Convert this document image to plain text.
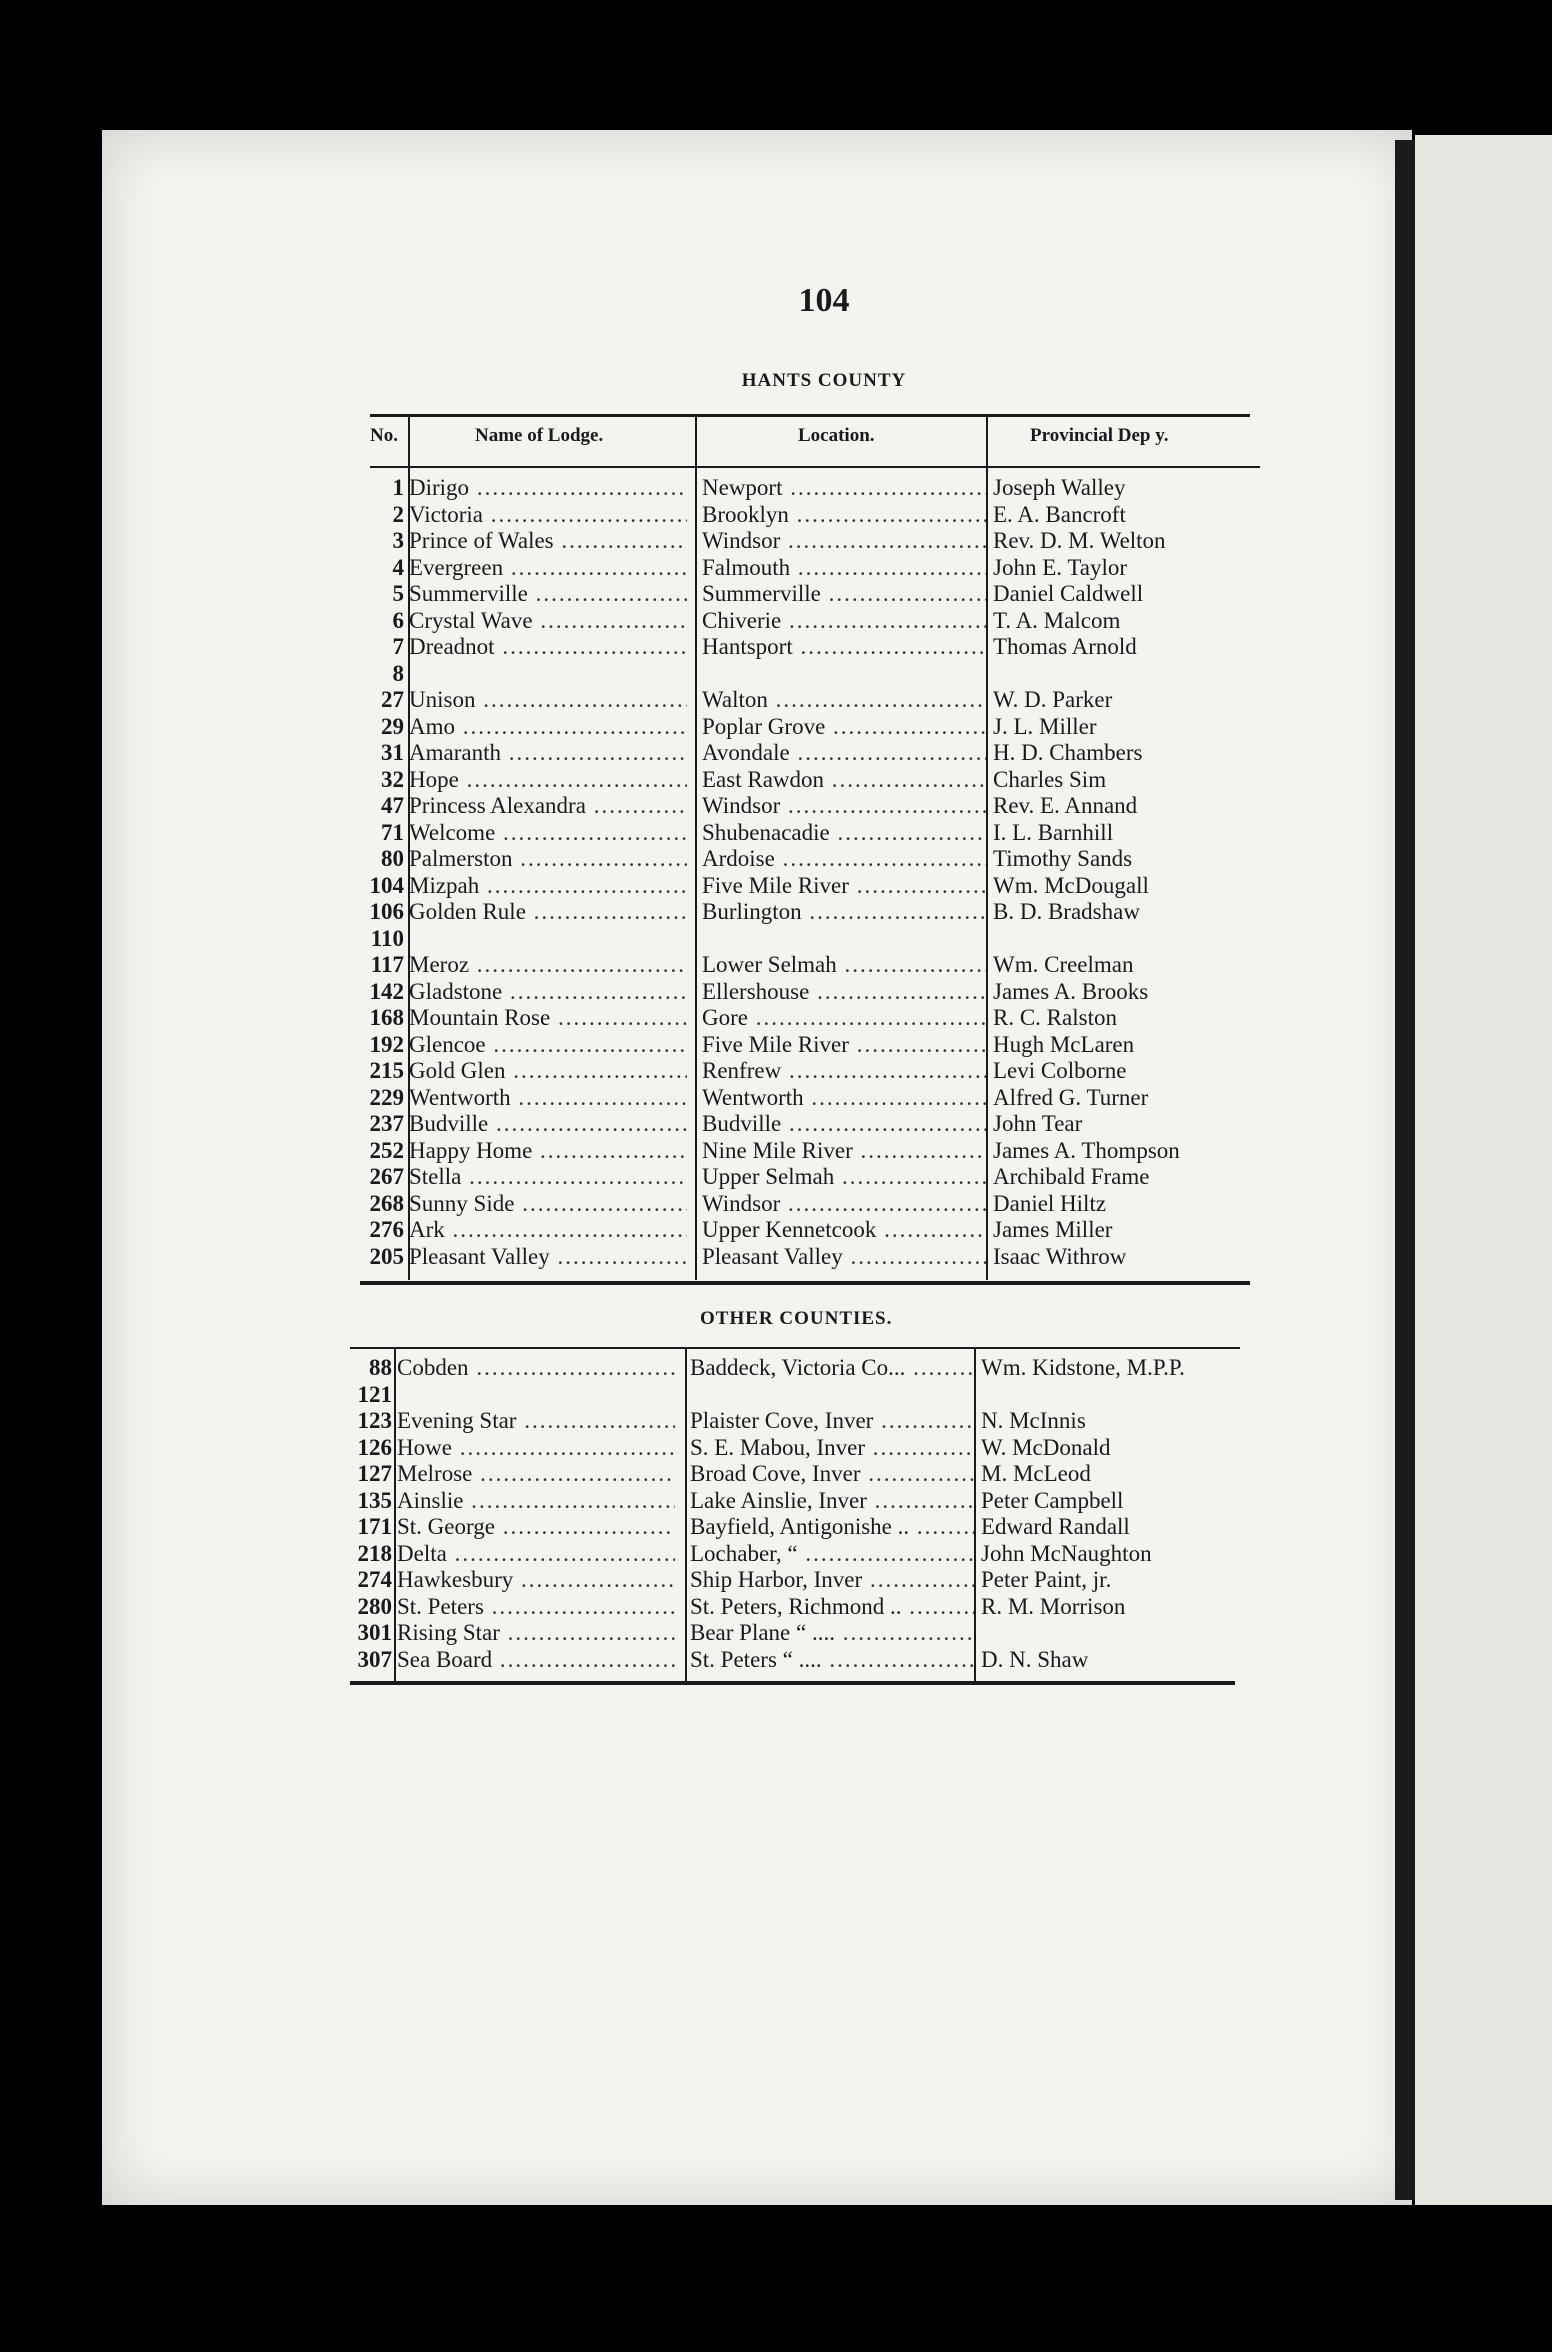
104
HANTS COUNTY
No.	Name of Lodge.	Location.	Provincial Dep y.
1 Dirigo .....	Newport .....	Joseph Walley
2 Victoria .....	Brooklyn .....	E. A. Bancroft
3 Prince of Wales .....	Windsor .....	Rev. D. M. Welton
4 Evergreen .....	Falmouth .....	John E. Taylor
5 Summerville .....	Summerville .....	Daniel Caldwell
6 Crystal Wave .....	Chiverie .....	T. A. Malcom
7 Dreadnot .....	Hantsport .....	Thomas Arnold
8
27 Unison .....	Walton .....	W. D. Parker
29 Amo .....	Poplar Grove .....	J. L. Miller
31 Amaranth .....	Avondale .....	H. D. Chambers
32 Hope .....	East Rawdon .....	Charles Sim
47 Princess Alexandra .....	Windsor .....	Rev. E. Annand
71 Welcome .....	Shubenacadie .....	I. L. Barnhill
80 Palmerston .....	Ardoise .....	Timothy Sands
104 Mizpah .....	Five Mile River .....	Wm. McDougall
106 Golden Rule .....	Burlington .....	B. D. Bradshaw
110
117 Meroz .....	Lower Selmah .....	Wm. Creelman
142 Gladstone .....	Ellershouse .....	James A. Brooks
168 Mountain Rose .....	Gore .....	R. C. Ralston
192 Glencoe .....	Five Mile River .....	Hugh McLaren
215 Gold Glen .....	Renfrew .....	Levi Colborne
229 Wentworth .....	Wentworth .....	Alfred G. Turner
237 Budville .....	Budville .....	John Tear
252 Happy Home .....	Nine Mile River .....	James A. Thompson
267 Stella .....	Upper Selmah .....	Archibald Frame
268 Sunny Side .....	Windsor .....	Daniel Hiltz
276 Ark .....	Upper Kennetcook .....	James Miller
205 Pleasant Valley .....	Pleasant Valley .....	Isaac Withrow
OTHER COUNTIES.
88 Cobden .....	Baddeck, Victoria Co... .....	Wm. Kidstone, M.P.P.
121
123 Evening Star .....	Plaister Cove, Inver .....	N. McInnis
126 Howe .....	S. E. Mabou, Inver .....	W. McDonald
127 Melrose .....	Broad Cove, Inver .....	M. McLeod
135 Ainslie .....	Lake Ainslie, Inver .....	Peter Campbell
171 St. George .....	Bayfield, Antigonishe .. .....	Edward Randall
218 Delta .....	Lochaber, “ .....	John McNaughton
274 Hawkesbury .....	Ship Harbor, Inver .....	Peter Paint, jr.
280 St. Peters .....	St. Peters, Richmond .. .....	R. M. Morrison
301 Rising Star .....	Bear Plane “ .... .....
307 Sea Board .....	St. Peters “ .... .....	D. N. Shaw
